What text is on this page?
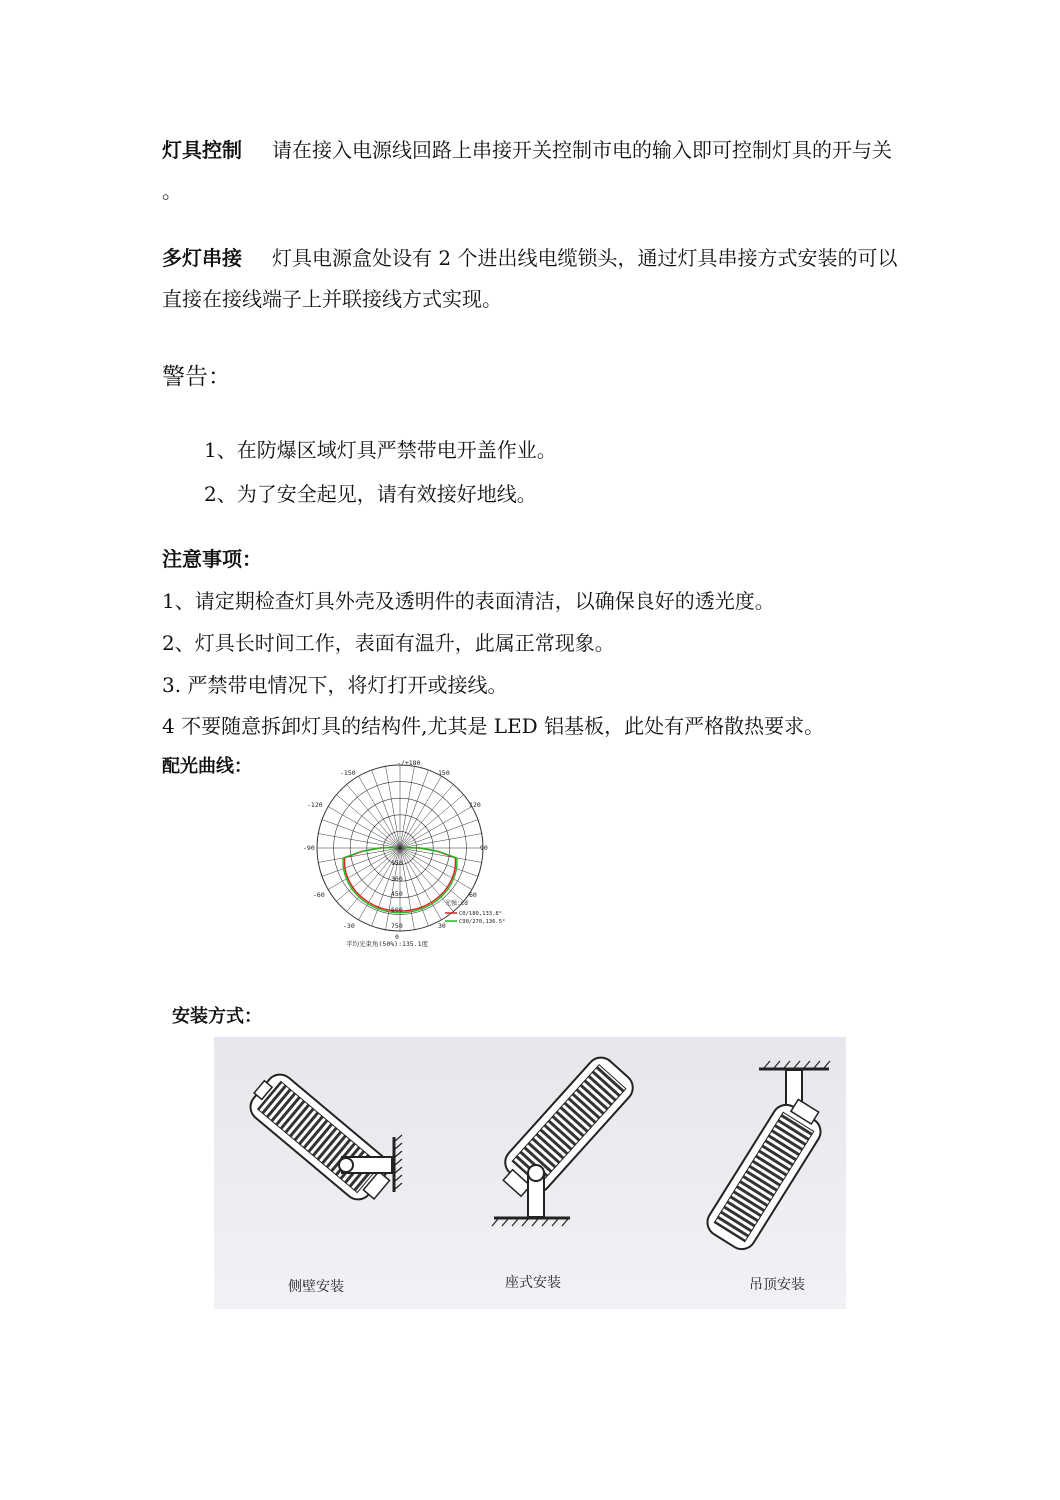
灯具控制 请在接入电源线回路上串接开关控制市电的输入即可控制灯具的开与关 。
多灯串接 灯具电源盒处设有 2 个进出线电缆锁头，通过灯具串接方式安装的可以直接在接线端子上并联接线方式实现。
警告：
1、在防爆区域灯具严禁带电开盖作业。
2、为了安全起见，请有效接好地线。
注意事项：
1、请定期检查灯具外壳及透明件的表面清洁，以确保良好的透光度。
2、灯具长时间工作，表面有温升，此属正常现象。
3. 严禁带电情况下，将灯打开或接线。
4 不要随意拆卸灯具的结构件,尤其是 LED 铝基板，此处有严格散热要求。
配光曲线：	-/+180
-150	150
-120	120
-90	90
-60	60
-30	30
0
150
300
450
600
750
光强:cd
C0/180,133.8°
C90/270,136.5°
平均光束角(50%):135.1度
安装方式：
侧壁安装	座式安装	吊顶安装
